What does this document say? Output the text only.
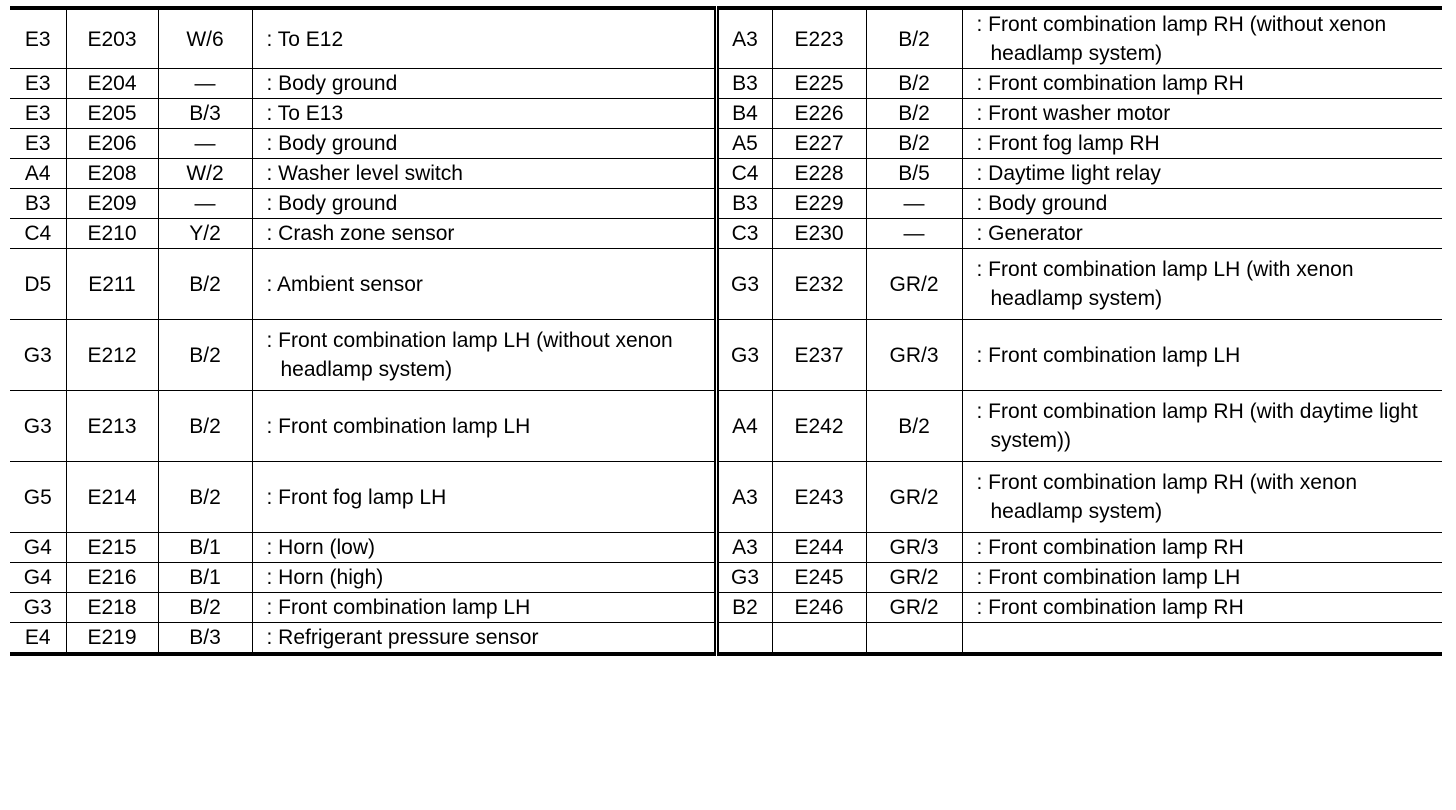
E3	E203	W/6	: To E12	A3	E223	B/2	: Front combination lamp RH (without xenon headlamp system)

E3	E204	—	: Body ground	B3	E225	B/2	: Front combination lamp RH

E3	E205	B/3	: To E13	B4	E226	B/2	: Front washer motor

E3	E206	—	: Body ground	A5	E227	B/2	: Front fog lamp RH

A4	E208	W/2	: Washer level switch	C4	E228	B/5	: Daytime light relay

B3	E209	—	: Body ground	B3	E229	—	: Body ground

C4	E210	Y/2	: Crash zone sensor	C3	E230	—	: Generator

D5	E211	B/2	: Ambient sensor	G3	E232	GR/2	: Front combination lamp LH (with xenon headlamp system)

G3	E212	B/2	: Front combination lamp LH (without xenon headlamp system)	G3	E237	GR/3	: Front combination lamp LH

G3	E213	B/2	: Front combination lamp LH	A4	E242	B/2	: Front combination lamp RH (with daytime light system))

G5	E214	B/2	: Front fog lamp LH	A3	E243	GR/2	: Front combination lamp RH (with xenon headlamp system)

G4	E215	B/1	: Horn (low)	A3	E244	GR/3	: Front combination lamp RH

G4	E216	B/1	: Horn (high)	G3	E245	GR/2	: Front combination lamp LH

G3	E218	B/2	: Front combination lamp LH	B2	E246	GR/2	: Front combination lamp RH

E4	E219	B/3	: Refrigerant pressure sensor				
